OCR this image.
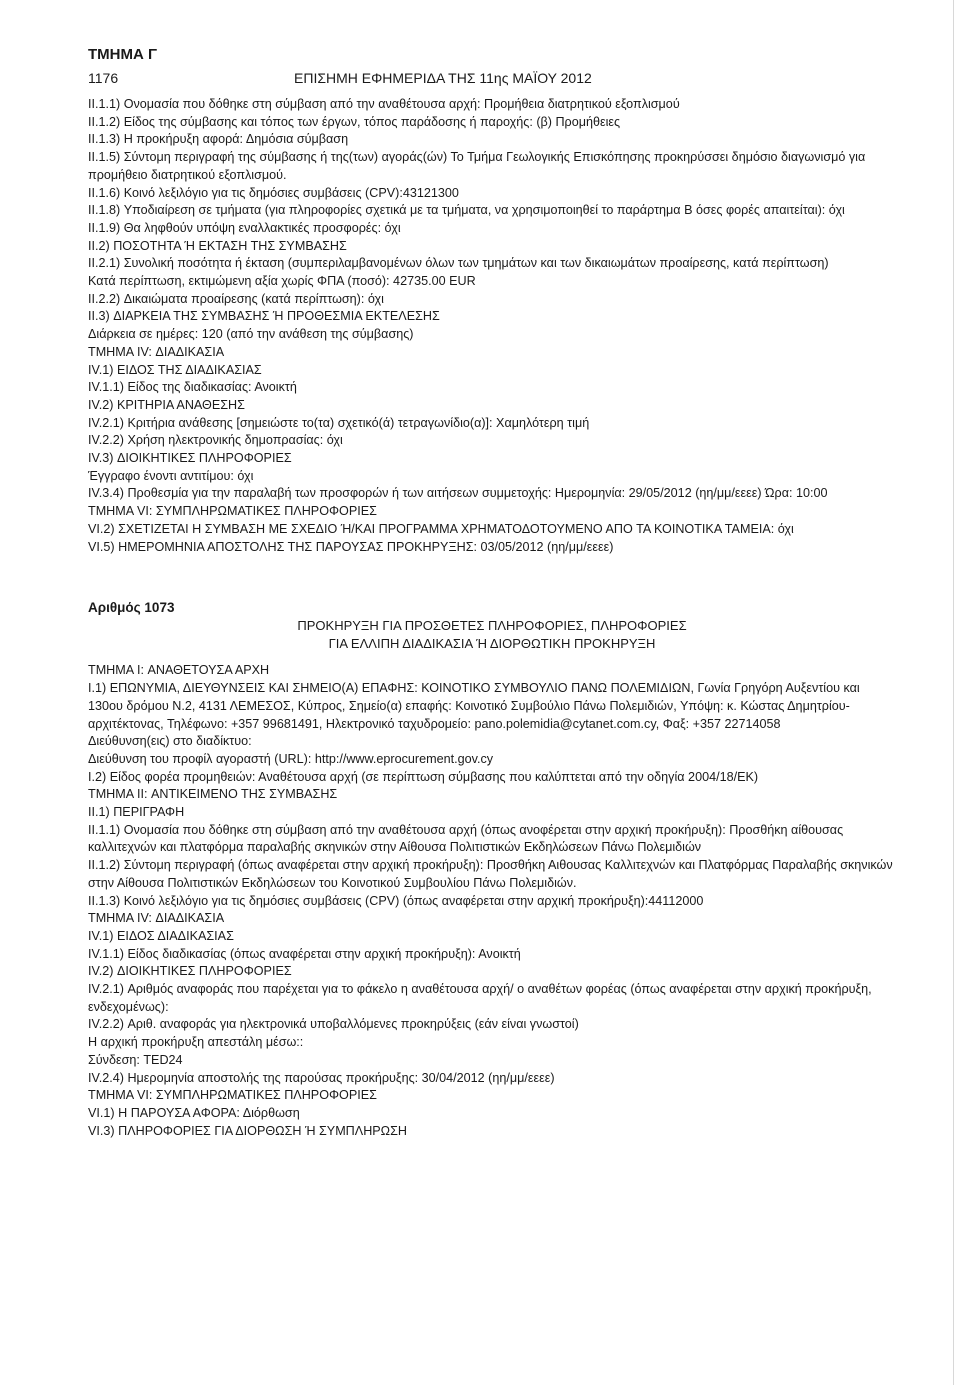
ΤΜΗΜΑ Γ
1176	ΕΠΙΣΗΜΗ ΕΦΗΜΕΡΙΔΑ ΤΗΣ 11ης ΜΑΪΟΥ 2012
II.1.1) Ονομασία που δόθηκε στη σύμβαση από την αναθέτουσα αρχή: Προμήθεια διατρητικού εξοπλισμού
II.1.2) Είδος της σύμβασης και τόπος των έργων, τόπος παράδοσης ή παροχής: (β) Προμήθειες
II.1.3) Η προκήρυξη αφορά: Δημόσια σύμβαση
II.1.5) Σύντομη περιγραφή της σύμβασης ή της(των) αγοράς(ών) Το Τμήμα Γεωλογικής Επισκόπησης προκηρύσσει δημόσιο διαγωνισμό για προμήθειο διατρητικού εξοπλισμού.
II.1.6) Κοινό λεξιλόγιο για τις δημόσιες συμβάσεις (CPV):43121300
II.1.8) Υποδιαίρεση σε τμήματα (για πληροφορίες σχετικά με τα τμήματα, να χρησιμοποιηθεί το παράρτημα Β όσες φορές απαιτείται): όχι
II.1.9) Θα ληφθούν υπόψη εναλλακτικές προσφορές: όχι
II.2) ΠΟΣΟΤΗΤΑ Ή ΕΚΤΑΣΗ ΤΗΣ ΣΥΜΒΑΣΗΣ
II.2.1) Συνολική ποσότητα ή έκταση (συμπεριλαμβανομένων όλων των τμημάτων και των δικαιωμάτων προαίρεσης, κατά περίπτωση)
Κατά περίπτωση, εκτιμώμενη αξία χωρίς ΦΠΑ (ποσό): 42735.00 EUR
II.2.2) Δικαιώματα προαίρεσης (κατά περίπτωση): όχι
II.3) ΔΙΑΡΚΕΙΑ ΤΗΣ ΣΥΜΒΑΣΗΣ Ή ΠΡΟΘΕΣΜΙΑ ΕΚΤΕΛΕΣΗΣ
Διάρκεια σε ημέρες: 120 (από την ανάθεση της σύμβασης)
ΤΜΗΜΑ IV: ΔΙΑΔΙΚΑΣΙΑ
IV.1) ΕΙΔΟΣ ΤΗΣ ΔΙΑΔΙΚΑΣΙΑΣ
IV.1.1) Είδος της διαδικασίας: Ανοικτή
IV.2) ΚΡΙΤΗΡΙΑ ΑΝΑΘΕΣΗΣ
IV.2.1) Κριτήρια ανάθεσης [σημειώστε το(τα) σχετικό(ά) τετραγωνίδιο(α)]: Χαμηλότερη τιμή
IV.2.2) Χρήση ηλεκτρονικής δημοπρασίας: όχι
IV.3) ΔΙΟΙΚΗΤΙΚΕΣ ΠΛΗΡΟΦΟΡΙΕΣ
Έγγραφο ένοντι αντιτίμου: όχι
IV.3.4) Προθεσμία για την παραλαβή των προσφορών ή των αιτήσεων συμμετοχής: Ημερομηνία: 29/05/2012 (ηη/μμ/εεεε) Ώρα: 10:00
ΤΜΗΜΑ VI: ΣΥΜΠΛΗΡΩΜΑΤΙΚΕΣ ΠΛΗΡΟΦΟΡΙΕΣ
VI.2) ΣΧΕΤΙΖΕΤΑΙ Η ΣΥΜΒΑΣΗ ΜΕ ΣΧΕΔΙΟ Ή/ΚΑΙ ΠΡΟΓΡΑΜΜΑ ΧΡΗΜΑΤΟΔΟΤΟΥΜΕΝΟ ΑΠΟ ΤΑ ΚΟΙΝΟΤΙΚΑ ΤΑΜΕΙΑ: όχι
VI.5) ΗΜΕΡΟΜΗΝΙΑ ΑΠΟΣΤΟΛΗΣ ΤΗΣ ΠΑΡΟΥΣΑΣ ΠΡΟΚΗΡΥΞΗΣ: 03/05/2012 (ηη/μμ/εεεε)
Αριθμός 1073
ΠΡΟΚΗΡΥΞΗ ΓΙΑ ΠΡΟΣΘΕΤΕΣ ΠΛΗΡΟΦΟΡΙΕΣ, ΠΛΗΡΟΦΟΡΙΕΣ
ΓΙΑ ΕΛΛΙΠΗ ΔΙΑΔΙΚΑΣΙΑ Ή ΔΙΟΡΘΩΤΙΚΗ ΠΡΟΚΗΡΥΞΗ
ΤΜΗΜΑ I: ΑΝΑΘΕΤΟΥΣΑ ΑΡΧΗ
I.1) ΕΠΩΝΥΜΙΑ, ΔΙΕΥΘΥΝΣΕΙΣ ΚΑΙ ΣΗΜΕΙΟ(Α) ΕΠΑΦΗΣ: ΚΟΙΝΟΤΙΚΟ ΣΥΜΒΟΥΛΙΟ ΠΑΝΩ ΠΟΛΕΜΙΔΙΩΝ, Γωνία Γρηγόρη Αυξεντίου και 130ου δρόμου Ν.2, 4131 ΛΕΜΕΣΟΣ, Κύπρος, Σημείο(α) επαφής: Κοινοτικό Συμβούλιο Πάνω Πολεμιδιών, Υπόψη: κ. Κώστας Δημητρίου-αρχιτέκτονας, Τηλέφωνο: +357 99681491, Ηλεκτρονικό ταχυδρομείο: pano.polemidia@cytanet.com.cy, Φαξ: +357 22714058
Διεύθυνση(εις) στο διαδίκτυο:
Διεύθυνση του προφίλ αγοραστή (URL): http://www.eprocurement.gov.cy
I.2) Είδος φορέα προμηθειών: Αναθέτουσα αρχή (σε περίπτωση σύμβασης που καλύπτεται από την οδηγία 2004/18/ΕΚ)
ΤΜΗΜΑ II: ΑΝΤΙΚΕΙΜΕΝΟ ΤΗΣ ΣΥΜΒΑΣΗΣ
II.1) ΠΕΡΙΓΡΑΦΗ
II.1.1) Ονομασία που δόθηκε στη σύμβαση από την αναθέτουσα αρχή (όπως ανοφέρεται στην αρχική προκήρυξη): Προσθήκη αίθουσας καλλιτεχνών και πλατφόρμα παραλαβής σκηνικών στην Αίθουσα Πολιτιστικών Εκδηλώσεων Πάνω Πολεμιδιών
II.1.2) Σύντομη περιγραφή (όπως αναφέρεται στην αρχική προκήρυξη): Προσθήκη Αιθουσας Καλλιτεχνών και Πλατφόρμας Παραλαβής σκηνικών στην Αίθουσα Πολιτιστικών Εκδηλώσεων του Κοινοτικού Συμβουλίου Πάνω Πολεμιδιών.
II.1.3) Κοινό λεξιλόγιο για τις δημόσιες συμβάσεις (CPV) (όπως αναφέρεται στην αρχική προκήρυξη):44112000
ΤΜΗΜΑ IV: ΔΙΑΔΙΚΑΣΙΑ
IV.1) ΕΙΔΟΣ ΔΙΑΔΙΚΑΣΙΑΣ
IV.1.1) Είδος διαδικασίας (όπως αναφέρεται στην αρχική προκήρυξη): Ανοικτή
IV.2) ΔΙΟΙΚΗΤΙΚΕΣ ΠΛΗΡΟΦΟΡΙΕΣ
IV.2.1) Αριθμός αναφοράς που παρέχεται για το φάκελο η αναθέτουσα αρχή/ ο αναθέτων φορέας (όπως αναφέρεται στην αρχική προκήρυξη, ενδεχομένως):
IV.2.2) Αριθ. αναφοράς για ηλεκτρονικά υποβαλλόμενες προκηρύξεις (εάν είναι γνωστοί)
Η αρχική προκήρυξη απεστάλη μέσω::
Σύνδεση: TED24
IV.2.4) Ημερομηνία αποστολής της παρούσας προκήρυξης: 30/04/2012 (ηη/μμ/εεεε)
ΤΜΗΜΑ VI: ΣΥΜΠΛΗΡΩΜΑΤΙΚΕΣ ΠΛΗΡΟΦΟΡΙΕΣ
VI.1) Η ΠΑΡΟΥΣΑ ΑΦΟΡΑ: Διόρθωση
VI.3) ΠΛΗΡΟΦΟΡΙΕΣ ΓΙΑ ΔΙΟΡΘΩΣΗ Ή ΣΥΜΠΛΗΡΩΣΗ
